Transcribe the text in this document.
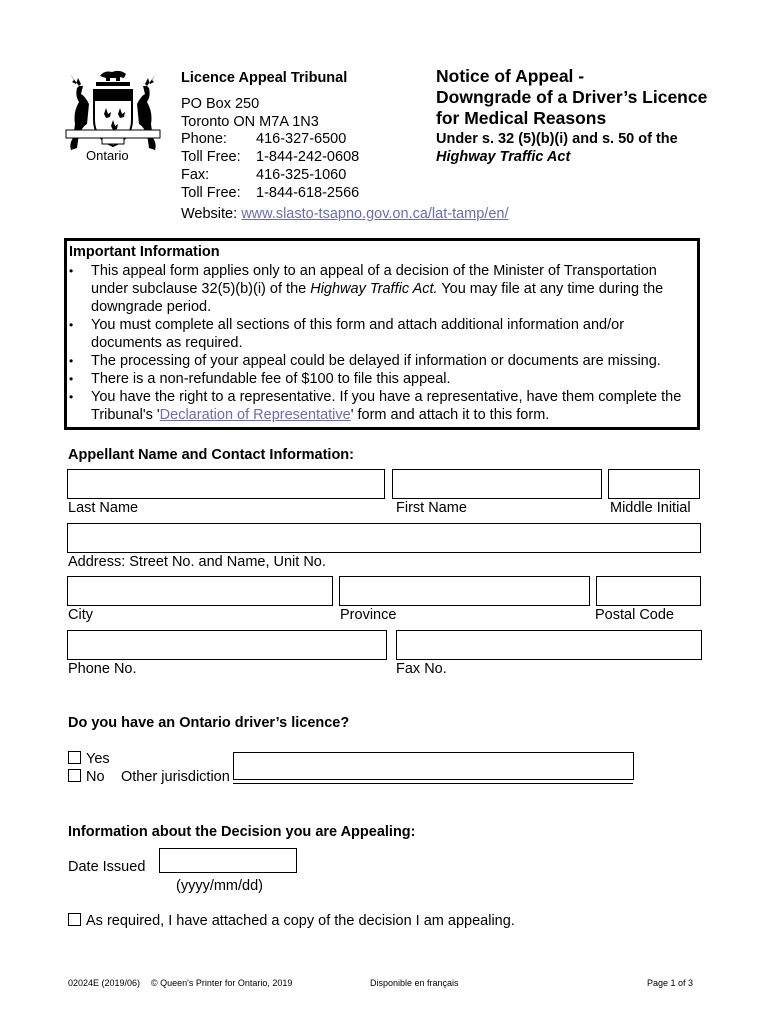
Ontario
Licence Appeal Tribunal
PO Box 250
Toronto ON M7A 1N3
Phone: 416-327-6500
Toll Free: 1-844-242-0608
Fax:	416-325-1060
Toll Free: 1-844-618-2566
Website: www.slasto-tsapno.gov.on.ca/lat-tamp/en/
Notice of Appeal -
Downgrade of a Driver’s Licence
for Medical Reasons
Under s. 32 (5)(b)(i) and s. 50 of the
Highway Traffic Act
Important Information
• This appeal form applies only to an appeal of a decision of the Minister of Transportation under subclause 32(5)(b)(i) of the Highway Traffic Act. You may file at any time during the downgrade period.
• You must complete all sections of this form and attach additional information and/or documents as required.
• The processing of your appeal could be delayed if information or documents are missing.
• There is a non-refundable fee of $100 to file this appeal.
• You have the right to a representative. If you have a representative, have them complete the Tribunal's 'Declaration of Representative' form and attach it to this form.
Appellant Name and Contact Information:
Last Name	First Name	Middle Initial
Address: Street No. and Name, Unit No.
City	Province	Postal Code
Phone No.	Fax No.
Do you have an Ontario driver’s licence?
Yes
No Other jurisdiction
Information about the Decision you are Appealing:
Date Issued
(yyyy/mm/dd)
As required, I have attached a copy of the decision I am appealing.
02024E (2019/06) © Queen's Printer for Ontario, 2019	Disponible en français	Page 1 of 3
